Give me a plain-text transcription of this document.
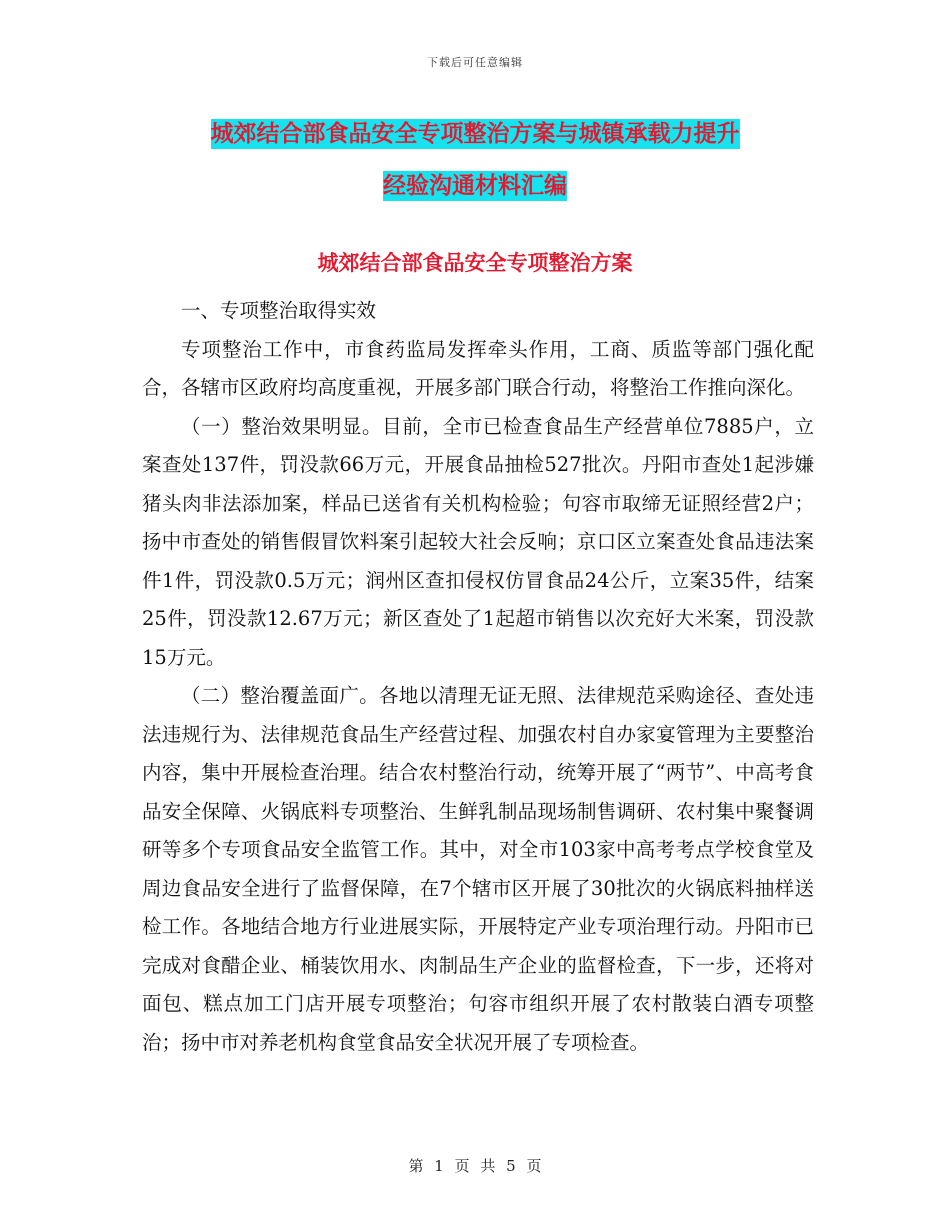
下载后可任意编辑
城郊结合部食品安全专项整治方案与城镇承载力提升
经验沟通材料汇编
城郊结合部食品安全专项整治方案

一、专项整治取得实效

专项整治工作中，市食药监局发挥牵头作用，工商、质监等部门强化配合，各辖市区政府均高度重视，开展多部门联合行动，将整治工作推向深化。

（一）整治效果明显。目前，全市已检查食品生产经营单位7885户，立案查处137件，罚没款66万元，开展食品抽检527批次。丹阳市查处1起涉嫌猪头肉非法添加案，样品已送省有关机构检验；句容市取缔无证照经营2户；扬中市查处的销售假冒饮料案引起较大社会反响；京口区立案查处食品违法案件1件，罚没款0.5万元；润州区查扣侵权仿冒食品24公斤，立案35件，结案25件，罚没款12.67万元；新区查处了1起超市销售以次充好大米案，罚没款15万元。

（二）整治覆盖面广。各地以清理无证无照、法律规范采购途径、查处违法违规行为、法律规范食品生产经营过程、加强农村自办家宴管理为主要整治内容，集中开展检查治理。结合农村整治行动，统筹开展了“两节”、中高考食品安全保障、火锅底料专项整治、生鲜乳制品现场制售调研、农村集中聚餐调研等多个专项食品安全监管工作。其中，对全市103家中高考考点学校食堂及周边食品安全进行了监督保障，在7个辖市区开展了30批次的火锅底料抽样送检工作。各地结合地方行业进展实际，开展特定产业专项治理行动。丹阳市已完成对食醋企业、桶装饮用水、肉制品生产企业的监督检查，下一步，还将对面包、糕点加工门店开展专项整治；句容市组织开展了农村散装白酒专项整治；扬中市对养老机构食堂食品安全状况开展了专项检查。

第 1 页 共 5 页
